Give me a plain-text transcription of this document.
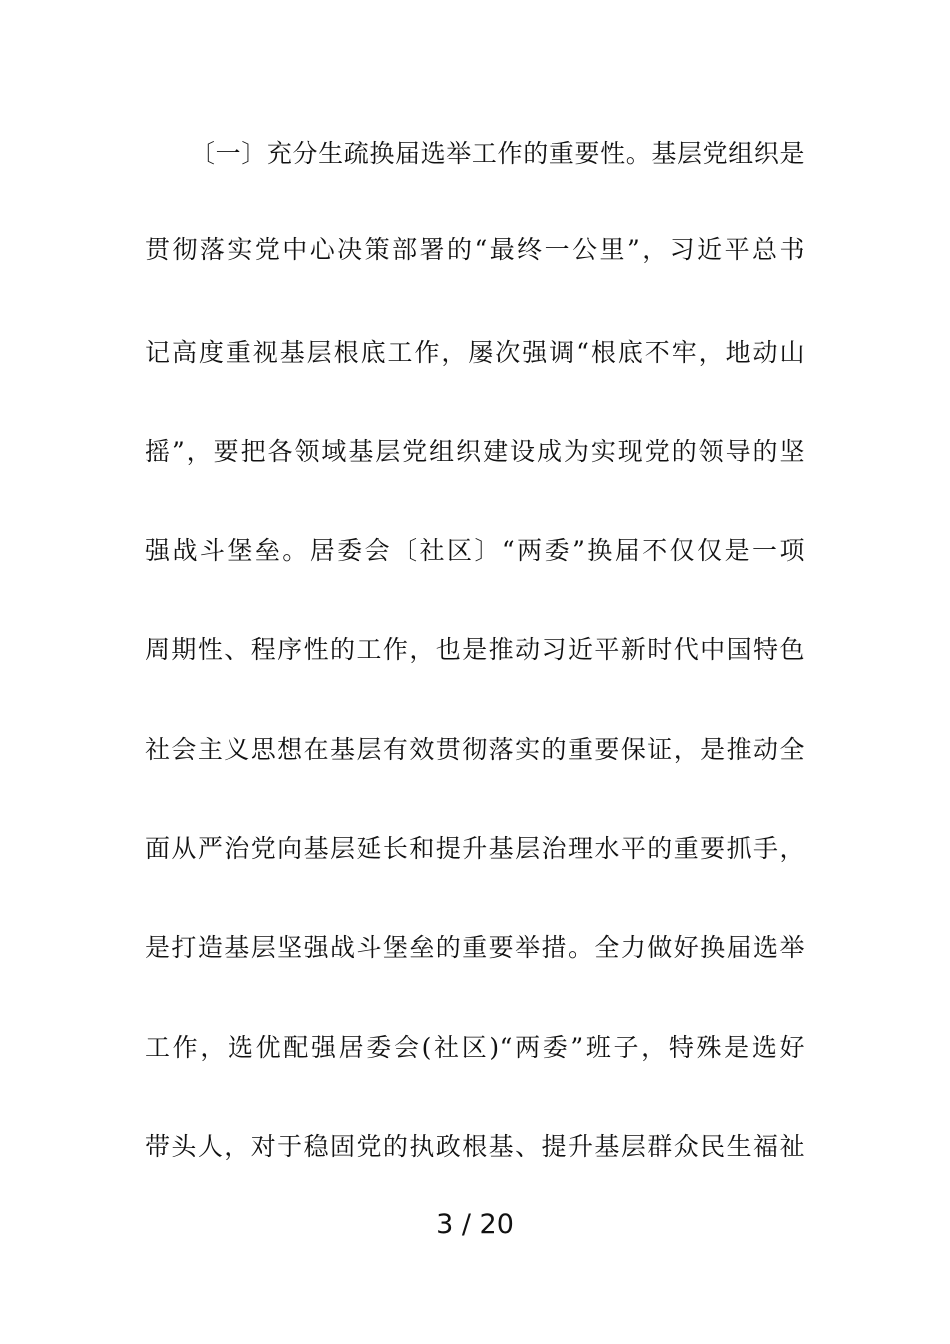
〔一〕充分生疏换届选举工作的重要性。基层党组织是
贯彻落实党中心决策部署的“最终一公里”，习近平总书
记高度重视基层根底工作，屡次强调“根底不牢，地动山
摇”，要把各领域基层党组织建设成为实现党的领导的坚
强战斗堡垒。居委会〔社区〕“两委”换届不仅仅是一项
周期性、程序性的工作，也是推动习近平新时代中国特色
社会主义思想在基层有效贯彻落实的重要保证，是推动全
面从严治党向基层延长和提升基层治理水平的重要抓手，
是打造基层坚强战斗堡垒的重要举措。全力做好换届选举
工作，选优配强居委会(社区)“两委”班子，特殊是选好
带头人，对于稳固党的执政根基、提升基层群众民生福祉
3 / 20
